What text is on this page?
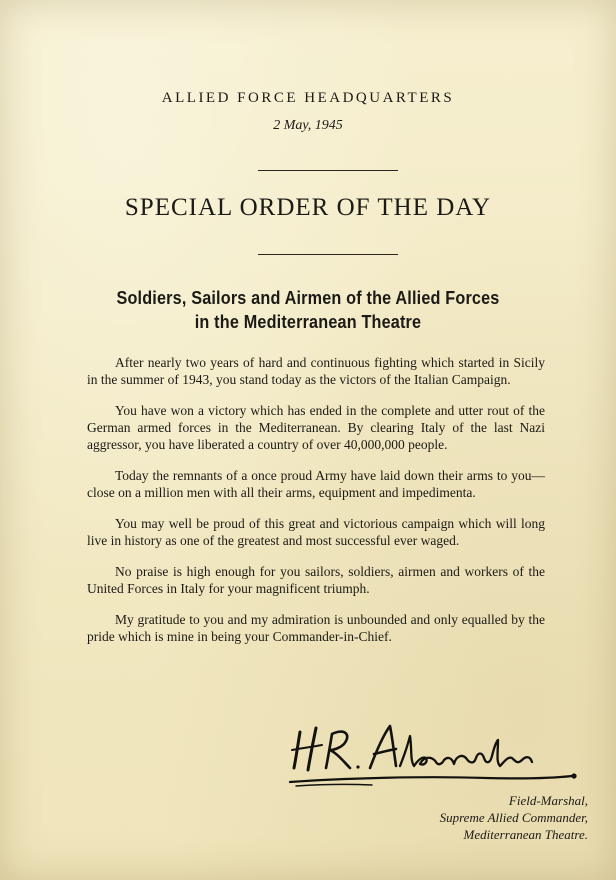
ALLIED FORCE HEADQUARTERS
2 May, 1945
SPECIAL ORDER OF THE DAY
Soldiers, Sailors and Airmen of the Allied Forces
in the Mediterranean Theatre

After nearly two years of hard and continuous fighting which started in Sicily in the summer of 1943, you stand today as the victors of the Italian Campaign.

You have won a victory which has ended in the complete and utter rout of the German armed forces in the Mediterranean. By clearing Italy of the last Nazi aggressor, you have liberated a country of over 40,000,000 people.

Today the remnants of a once proud Army have laid down their arms to you—close on a million men with all their arms, equipment and impedimenta.

You may well be proud of this great and victorious campaign which will long live in history as one of the greatest and most successful ever waged.

No praise is high enough for you sailors, soldiers, airmen and workers of the United Forces in Italy for your magnificent triumph.

My gratitude to you and my admiration is unbounded and only equalled by the pride which is mine in being your Commander-in-Chief.

Field-Marshal,
Supreme Allied Commander,
Mediterranean Theatre.
